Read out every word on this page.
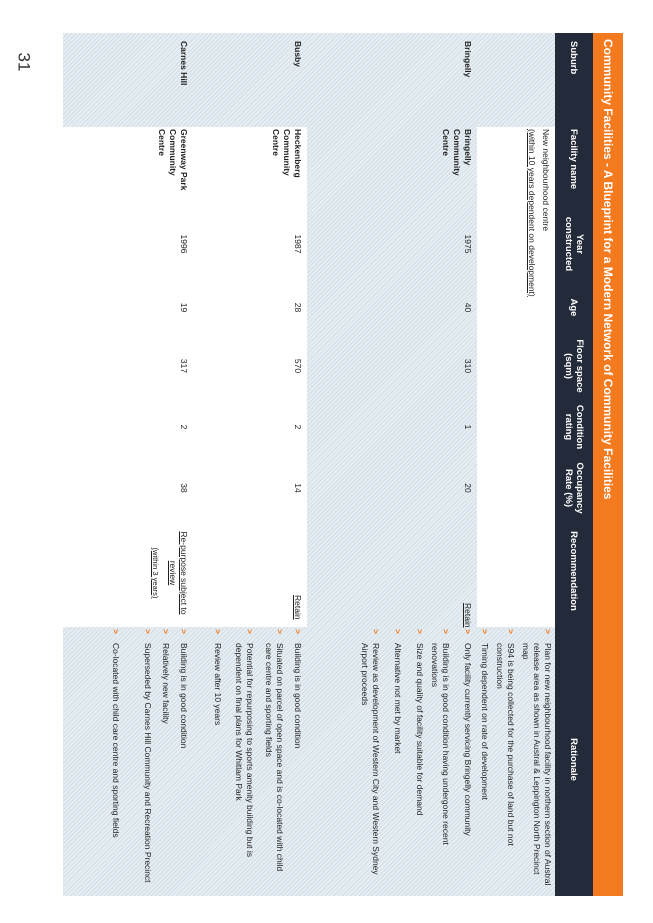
31	Community Facilities - A Blueprint for a Modern Network of Community Facilities
Suburb
Facility name
Year constructed
Age
Floor space (sqm)
Condition rating
Occupancy Rate (%)
Recommendation
Rationale
Bringelly
New neighbourhood centre
(within 10 years dependent on development)
>
Plan for new neighbourhood facility in northern section of Austral release area as shown in Austral & Leppington North Precinct map
>
S94 is being collected for the purchase of land but not construction
>
Timing dependent on rate of development
Bringelly Community Centre
1975
40
310
1
20
Retain
>
Only facility currently servicing Bringelly community
>
Building is in good condition having undergone recent renovations
>
Size and quality of facility suitable for demand
>
Alternative not met by market
>
Review as development of Western City and Western Sydney Airport proceeds
Busby
Heckenberg Community Centre
1987
28
570
2
14
Retain
>
Building is in good condition
>
Situated on parcel of open space and is co-located with child care centre and sporting fields
>
Potential for repurposing to sports amenity building but is dependent on final plans for Whitlam Park
>
Review after 10 years
Carnes Hill
Greenway Park Community Centre
1996
19
317
2
38
Re-purpose subject to review
(within 3 years)
>
Building is in good condition
>
Relatively new facility
>
Superseded by Carnes Hill Community and Recreation Precinct
>
Co-located with child care centre and sporting fields
